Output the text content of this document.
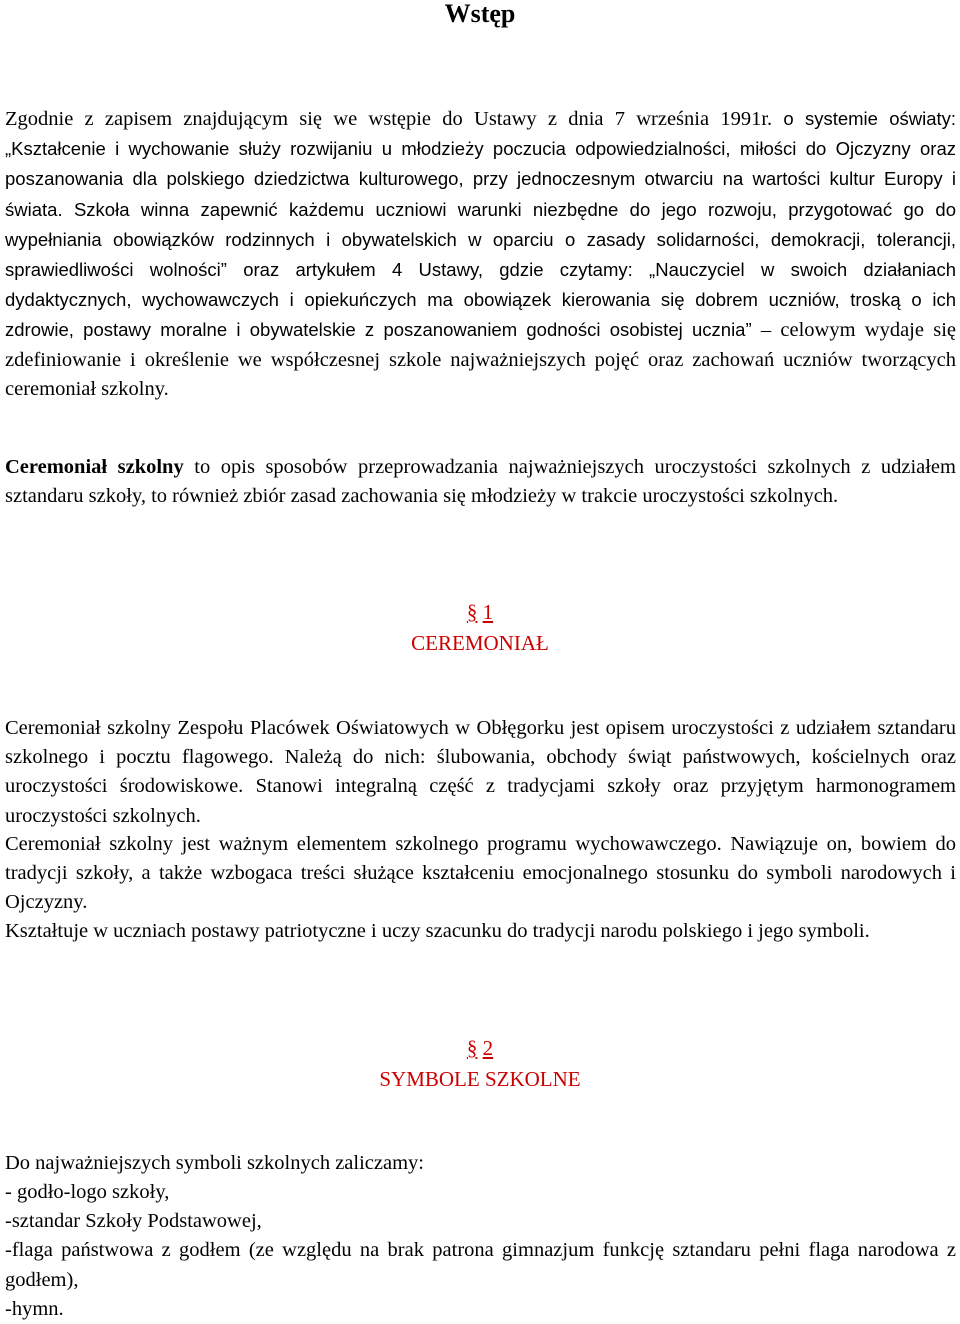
Wstęp

Zgodnie z zapisem znajdującym się we wstępie do Ustawy z dnia 7 września 1991r. o systemie oświaty: „Kształcenie i wychowanie służy rozwijaniu u młodzieży poczucia odpowiedzialności, miłości do Ojczyzny oraz poszanowania dla polskiego dziedzictwa kulturowego, przy jednoczesnym otwarciu na wartości kultur Europy i świata. Szkoła winna zapewnić każdemu uczniowi warunki niezbędne do jego rozwoju, przygotować go do wypełniania obowiązków rodzinnych i obywatelskich w oparciu o zasady solidarności, demokracji, tolerancji, sprawiedliwości wolności” oraz artykułem 4 Ustawy, gdzie czytamy: „Nauczyciel w swoich działaniach dydaktycznych, wychowawczych i opiekuńczych ma obowiązek kierowania się dobrem uczniów, troską o ich zdrowie, postawy moralne i obywatelskie z poszanowaniem godności osobistej ucznia” – celowym wydaje się zdefiniowanie i określenie we współczesnej szkole najważniejszych pojęć oraz zachowań uczniów tworzących ceremoniał szkolny.

Ceremoniał szkolny to opis sposobów przeprowadzania najważniejszych uroczystości szkolnych z udziałem sztandaru szkoły, to również zbiór zasad zachowania się młodzieży w trakcie uroczystości szkolnych.

§ 1
CEREMONIAŁ

Ceremoniał szkolny Zespołu Placówek Oświatowych w Obłęgorku jest opisem uroczystości z udziałem sztandaru szkolnego i pocztu flagowego. Należą do nich: ślubowania, obchody świąt państwowych, kościelnych oraz uroczystości środowiskowe. Stanowi integralną część z tradycjami szkoły oraz przyjętym harmonogramem uroczystości szkolnych.

Ceremoniał szkolny jest ważnym elementem szkolnego programu wychowawczego. Nawiązuje on, bowiem do tradycji szkoły, a także wzbogaca treści służące kształceniu emocjonalnego stosunku do symboli narodowych i Ojczyzny.

Kształtuje w uczniach postawy patriotyczne i uczy szacunku do tradycji narodu polskiego i jego symboli.

§ 2
SYMBOLE SZKOLNE

Do najważniejszych symboli szkolnych zaliczamy:

- godło-logo szkoły,
-sztandar Szkoły Podstawowej,
-flaga państwowa z godłem (ze względu na brak patrona gimnazjum funkcję sztandaru pełni flaga narodowa z godłem),
-hymn.
